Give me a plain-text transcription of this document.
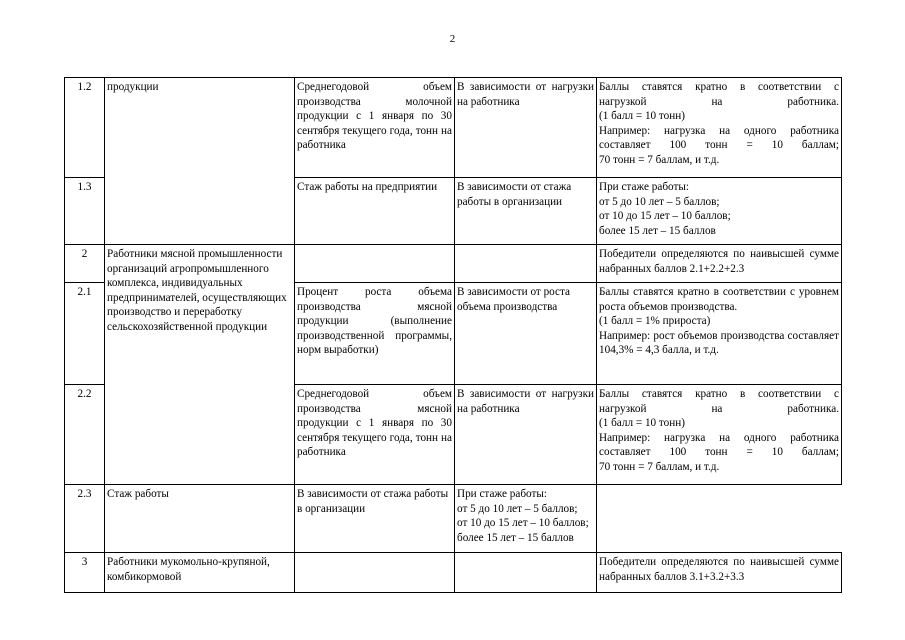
2
1.2	продукции	Среднегодовой объем производства молочной продукции с 1 января по 30 сентября текущего года, тонн на работника	В зависимости от нагрузки на работника	Баллы ставятся кратно в соответствии с нагрузкой на работника.
(1 балл = 10 тонн)
Например: нагрузка на одного работника составляет 100 тонн = 10 баллам;
70 тонн = 7 баллам, и т.д.

1.3		Стаж работы на предприятии	В зависимости от стажа работы в организации	При стаже работы:
от 5 до 10 лет – 5 баллов;
от 10 до 15 лет – 10 баллов;
более 15 лет – 15 баллов

2	Работники мясной промышленности организаций агропромышленного комплекса, индивидуальных предпринимателей, осуществляющих производство и переработку сельскохозяйственной продукции			Победители определяются по наивысшей сумме набранных баллов 2.1+2.2+2.3
2.1		Процент роста объема производства мясной продукции (выполнение производственной программы, норм выработки)	В зависимости от роста объема производства	Баллы ставятся кратно в соответствии с уровнем роста объемов производства.
(1 балл = 1% прироста)
Например: рост объемов производства составляет 104,3% = 4,3 балла, и т.д.

2.2		Среднегодовой объем производства мясной продукции с 1 января по 30 сентября текущего года, тонн на работника	В зависимости от нагрузки на работника	Баллы ставятся кратно в соответствии с нагрузкой на работника.
(1 балл = 10 тонн)
Например: нагрузка на одного работника составляет 100 тонн = 10 баллам;
70 тонн = 7 баллам, и т.д.

2.3	Стаж работы	В зависимости от стажа работы в организации	При стаже работы:
от 5 до 10 лет – 5 баллов;
от 10 до 15 лет – 10 баллов;
более 15 лет – 15 баллов	

3	Работники мукомольно-крупяной, комбикормовой			Победители определяются по наивысшей сумме набранных баллов 3.1+3.2+3.3
